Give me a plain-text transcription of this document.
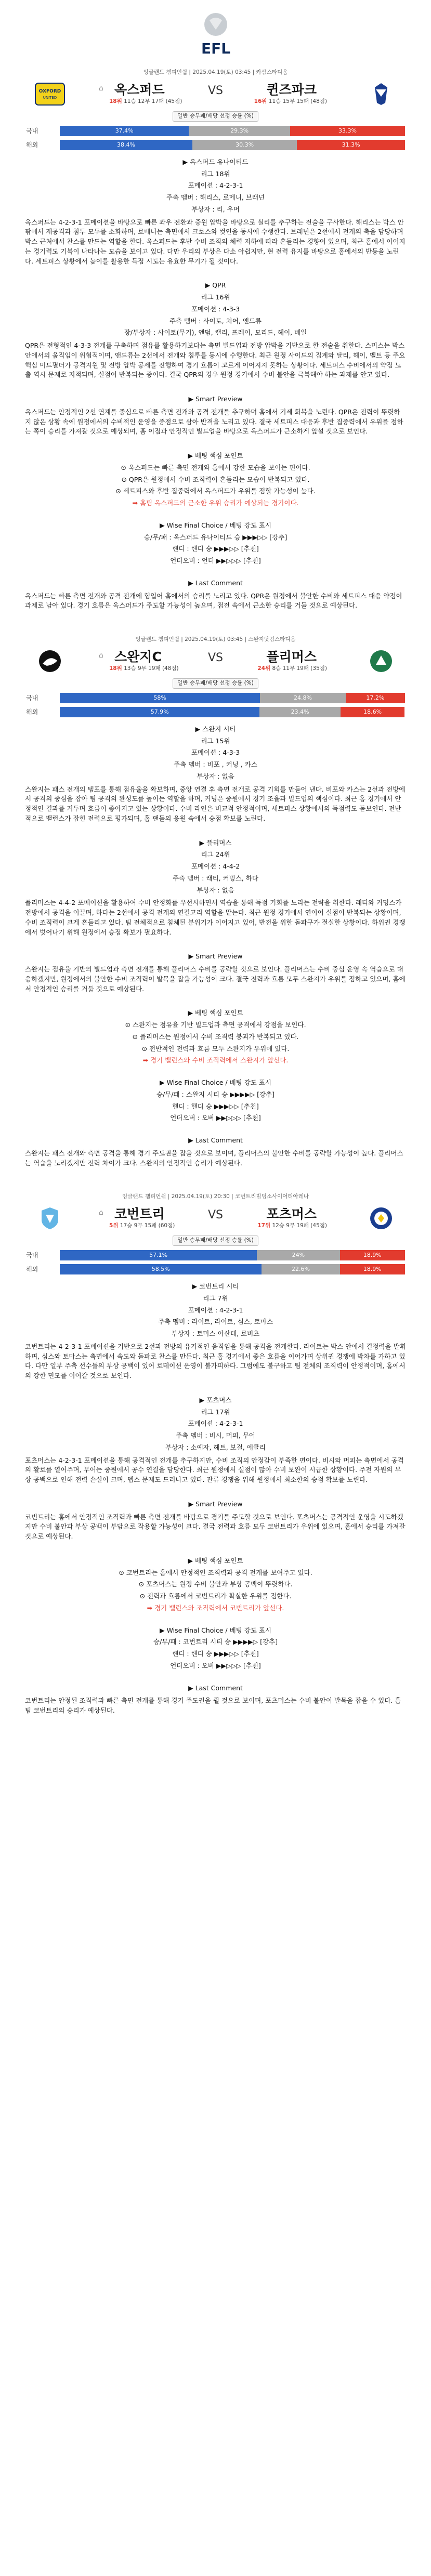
EFL
잉글랜드 챔피언쉽 | 2025.04.19(토) 03:45 | 카삼스타디움
OXFORD
UNITED
⌂ 옥스퍼드	VS	퀸즈파크
18위 11승 12무 17패 (45점)	16위 11승 15무 15패 (48점)
일반 승무패/배당 선정 승률 (%)
국내	37.4%	29.3%	33.3%
해외	38.4%	30.3%	31.3%

▶ 옥스퍼드 유나이티드

리그 18위

포메이션 : 4-2-3-1

주축 멤버 : 해리스, 로메니, 브래넌

부상자 : 리, 우머

옥스퍼드는 4-2-3-1 포메이션을 바탕으로 빠른 좌우 전환과 중원 압박을 바탕으로 실리를 추구하는 전술을 구사한다. 해리스는 박스 안팎에서 재공격과 침투 모두를 소화하며, 로메니는 측면에서 크로스와 컷인을 동시에 수행한다. 브래넌은 2선에서 전개의 축을 담당하며 박스 근처에서 찬스를 만드는 역할을 한다. 옥스퍼드는 후반 수비 조직의 체력 저하에 따라 흔들리는 경향이 있으며, 최근 홈에서 이어지는 경기력도 기복이 나타나는 모습을 보이고 있다. 다만 우리의 부상은 다소 아쉽지만, 현 전력 유지를 바탕으로 홈에서의 반등을 노린다. 세트피스 상황에서 높이를 활용한 득점 시도는 유효한 무기가 될 것이다.

▶ QPR

리그 16위

포메이션 : 4-3-3

주축 멤버 : 사이토, 치어, 앤드류

장/부상자 : 사이토(무기), 앤덤, 캘리, 프레이, 모리드, 헤이, 베일

QPR은 전형적인 4-3-3 전개를 구축하며 점유를 활용하기보다는 측면 빌드업과 전방 압박을 기반으로 한 전술을 취한다. 스미스는 박스 안에서의 움직임이 위협적이며, 앤드류는 2선에서 전개와 침투를 동시에 수행한다. 최근 원정 사이드의 집계와 달리, 헤이, 벨트 등 주요 핵심 미드필더가 공격지원 및 전방 압박 공세를 진행하여 경기 흐름이 고르게 이어지지 못하는 상황이다. 세트피스 수비에서의 약점 노출 역시 문제로 지적되며, 실점이 반복되는 중이다. 결국 QPR의 경우 원정 경기에서 수비 불안을 극복해야 하는 과제를 안고 있다.

▶ Smart Preview

옥스퍼드는 안정적인 2선 연계를 중심으로 빠른 측면 전개와 공격 전개를 추구하며 홈에서 기세 회복을 노린다. QPR은 전력이 뚜렷하지 않은 상황 속에 원정에서의 수비적인 운영을 중점으로 삼아 반격을 노리고 있다. 결국 세트피스 대응과 후반 집중력에서 우위를 점하는 쪽이 승리를 가져갈 것으로 예상되며, 홈 이점과 안정적인 빌드업을 바탕으로 옥스퍼드가 근소하게 앞설 것으로 보인다.

▶ 베팅 핵심 포인트

⊙ 옥스퍼드는 빠른 측면 전개와 홈에서 강한 모습을 보이는 편이다.

⊙ QPR은 원정에서 수비 조직력이 흔들리는 모습이 반복되고 있다.

⊙ 세트피스와 후반 집중력에서 옥스퍼드가 우위를 점할 가능성이 높다.

➡ 홈팀 옥스퍼드의 근소한 우위 승리가 예상되는 경기이다.

▶ Wise Final Choice / 베팅 강도 표시

승/무/패 : 옥스퍼드 유나이티드 승 ▶▶▶▷▷ [강추]

핸디 : 핸디 승 ▶▶▶▷▷ [추천]

언더오버 : 언더 ▶▶▷▷▷ [추천]

▶ Last Comment

옥스퍼드는 빠른 측면 전개와 공격 전개에 힘입어 홈에서의 승리를 노리고 있다. QPR은 원정에서 불안한 수비와 세트피스 대응 약점이 과제로 남아 있다. 경기 흐름은 옥스퍼드가 주도할 가능성이 높으며, 접전 속에서 근소한 승리를 거둘 것으로 예상된다.

잉글랜드 챔피언쉽 | 2025.04.19(토) 03:45 | 스완지닷컴스타디움
⌂ 스완지C	VS	플리머스
18위 13승 9무 19패 (48점)	24위 8승 11무 19패 (35점)
일반 승무패/배당 선정 승률 (%)
국내	58%	24.8%	17.2%
해외	57.9%	23.4%	18.6%

▶ 스완지 시티

리그 15위

포메이션 : 4-3-3

주축 멤버 : 비포 , 커닝 , 카스

부상자 : 없음

스완지는 패스 전개의 템포를 통해 점유율을 확보하며, 중앙 연결 후 측면 전개로 공격 기회를 만들어 낸다. 비포와 카스는 2선과 전방에서 공격의 중심을 잡아 팀 공격의 완성도를 높이는 역할을 하며, 커닝은 중원에서 경기 조율과 빌드업의 핵심이다. 최근 홈 경기에서 안정적인 결과를 거두며 흐름이 좋아지고 있는 상황이다. 수비 라인은 비교적 안정적이며, 세트피스 상황에서의 득점력도 돋보인다. 전반적으로 밸런스가 잡힌 전력으로 평가되며, 홈 팬들의 응원 속에서 승점 확보를 노린다.

▶ 플리머스

리그 24위

포메이션 : 4-4-2

주축 멤버 : 래티, 커밍스, 하다

부상자 : 없음

플리머스는 4-4-2 포메이션을 활용하여 수비 안정화를 우선시하면서 역습을 통해 득점 기회를 노리는 전략을 취한다. 래티와 커밍스가 전방에서 공격을 이끌며, 하다는 2선에서 공격 전개의 연결고리 역할을 맡는다. 최근 원정 경기에서 연이어 실점이 반복되는 상황이며, 수비 조직력이 크게 흔들리고 있다. 팀 전체적으로 침체된 분위기가 이어지고 있어, 반전을 위한 돌파구가 절실한 상황이다. 하위권 경쟁에서 벗어나기 위해 원정에서 승점 확보가 필요하다.

▶ Smart Preview

스완지는 점유율 기반의 빌드업과 측면 전개를 통해 플리머스 수비를 공략할 것으로 보인다. 플리머스는 수비 중심 운영 속 역습으로 대응하겠지만, 원정에서의 불안한 수비 조직력이 발목을 잡을 가능성이 크다. 결국 전력과 흐름 모두 스완지가 우위를 점하고 있으며, 홈에서 안정적인 승리를 거둘 것으로 예상된다.

▶ 베팅 핵심 포인트

⊙ 스완지는 점유율 기반 빌드업과 측면 공격에서 강점을 보인다.

⊙ 플리머스는 원정에서 수비 조직력 붕괴가 반복되고 있다.

⊙ 전반적인 전력과 흐름 모두 스완지가 우위에 있다.

➡ 경기 밸런스와 수비 조직력에서 스완지가 앞선다.

▶ Wise Final Choice / 베팅 강도 표시

승/무/패 : 스완지 시티 승 ▶▶▶▶▷ [강추]

핸디 : 핸디 승 ▶▶▶▷▷ [추천]

언더오버 : 오버 ▶▶▷▷▷ [추천]

▶ Last Comment

스완지는 패스 전개와 측면 공격을 통해 경기 주도권을 잡을 것으로 보이며, 플리머스의 불안한 수비를 공략할 가능성이 높다. 플리머스는 역습을 노리겠지만 전력 차이가 크다. 스완지의 안정적인 승리가 예상된다.

잉글랜드 챔피언쉽 | 2025.04.19(토) 20:30 | 코번트리빌딩소사이어티아레나
⌂ 코번트리	VS	포츠머스
5위 17승 9무 15패 (60점)	17위 12승 9무 19패 (45점)
일반 승무패/배당 선정 승률 (%)
국내	57.1%	24%	18.9%
해외	58.5%	22.6%	18.9%

▶ 코번트리 시티

리그 7위

포메이션 : 4-2-3-1

주축 멤버 : 라이트, 라이트, 심스, 토마스

부상자 : 토머스-아산테, 로버츠

코번트리는 4-2-3-1 포메이션을 기반으로 2선과 전방의 유기적인 움직임을 통해 공격을 전개한다. 라이트는 박스 안에서 결정력을 발휘하며, 심스와 토마스는 측면에서 속도와 돌파로 찬스를 만든다. 최근 홈 경기에서 좋은 흐름을 이어가며 상위권 경쟁에 박차를 가하고 있다. 다만 일부 주축 선수들의 부상 공백이 있어 로테이션 운영이 불가피하다. 그럼에도 불구하고 팀 전체의 조직력이 안정적이며, 홈에서의 강한 면모를 이어갈 것으로 보인다.

▶ 포츠머스

리그 17위

포메이션 : 4-2-3-1

주축 멤버 : 비시, 머피, 무어

부상자 : 소예자, 헤트, 보걸, 에클리

포츠머스는 4-2-3-1 포메이션을 통해 공격적인 전개를 추구하지만, 수비 조직의 안정감이 부족한 편이다. 비시와 머피는 측면에서 공격의 활로를 열어주며, 무어는 중원에서 공수 연결을 담당한다. 최근 원정에서 실점이 많아 수비 보완이 시급한 상황이다. 주전 자원의 부상 공백으로 인해 전력 손실이 크며, 뎁스 문제도 드러나고 있다. 잔류 경쟁을 위해 원정에서 최소한의 승점 확보를 노린다.

▶ Smart Preview

코번트리는 홈에서 안정적인 조직력과 빠른 측면 전개를 바탕으로 경기를 주도할 것으로 보인다. 포츠머스는 공격적인 운영을 시도하겠지만 수비 불안과 부상 공백이 부담으로 작용할 가능성이 크다. 결국 전력과 흐름 모두 코번트리가 우위에 있으며, 홈에서 승리를 가져갈 것으로 예상된다.

▶ 베팅 핵심 포인트

⊙ 코번트리는 홈에서 안정적인 조직력과 공격 전개를 보여주고 있다.

⊙ 포츠머스는 원정 수비 불안과 부상 공백이 뚜렷하다.

⊙ 전력과 흐름에서 코번트리가 확실한 우위를 점한다.

➡ 경기 밸런스와 조직력에서 코번트리가 앞선다.

▶ Wise Final Choice / 베팅 강도 표시

승/무/패 : 코번트리 시티 승 ▶▶▶▶▷ [강추]

핸디 : 핸디 승 ▶▶▶▷▷ [추천]

언더오버 : 오버 ▶▶▷▷▷ [추천]

▶ Last Comment

코번트리는 안정된 조직력과 빠른 측면 전개를 통해 경기 주도권을 쥘 것으로 보이며, 포츠머스는 수비 불안이 발목을 잡을 수 있다. 홈팀 코번트리의 승리가 예상된다.
